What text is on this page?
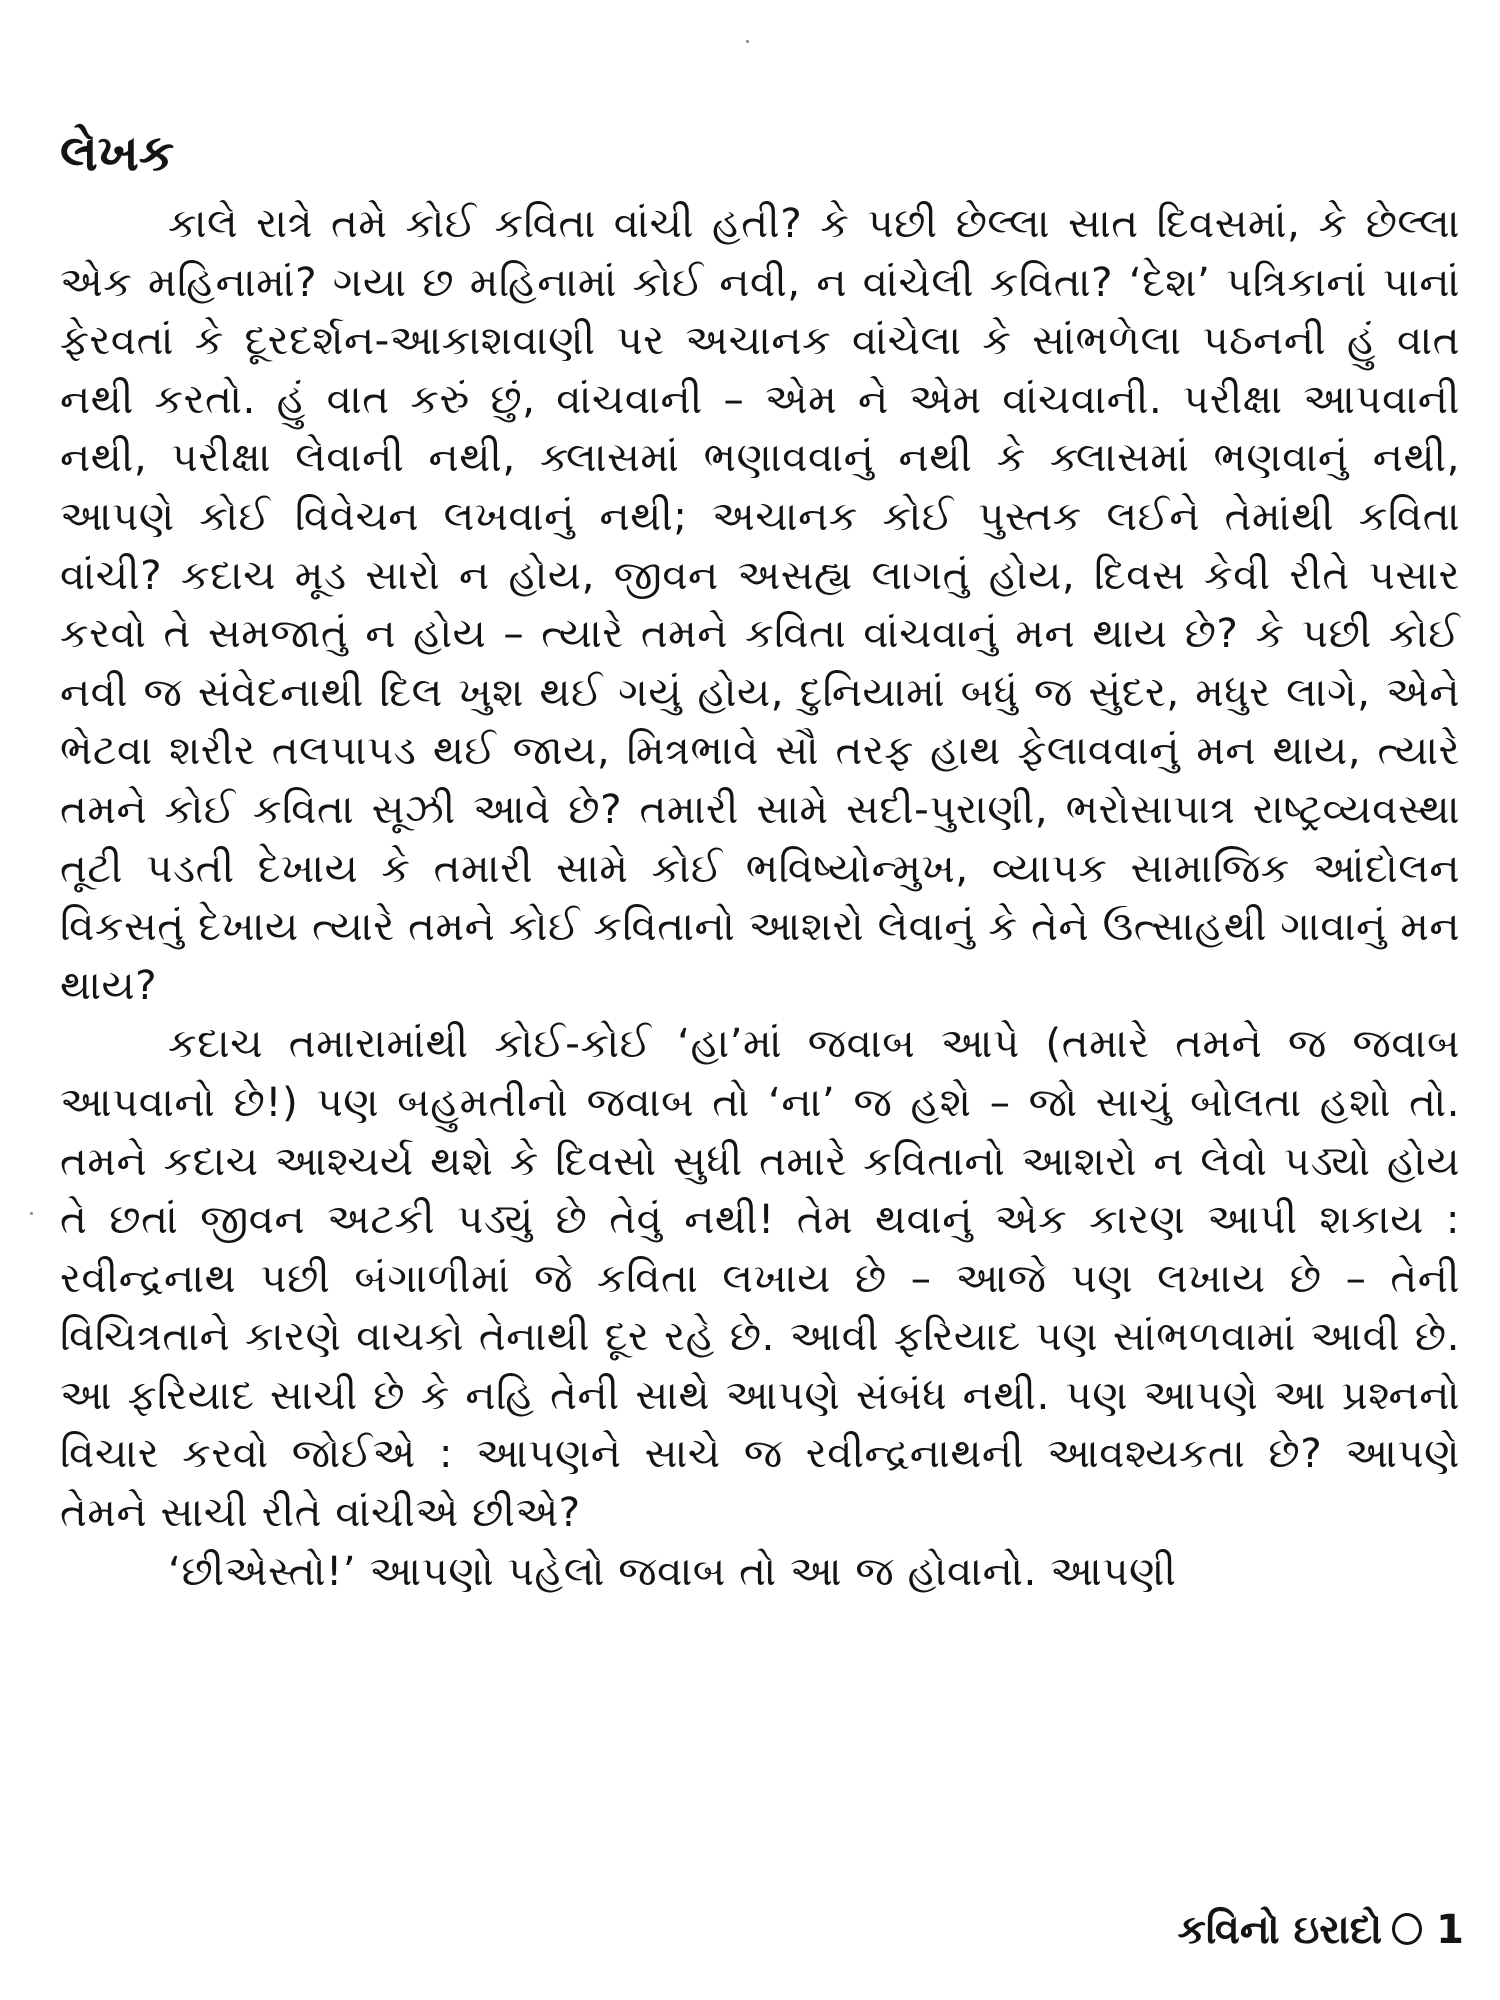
લેખક

કાલે રાત્રે તમે કોઈ કવિતા વાંચી હતી? કે પછી છેલ્લા સાત દિવસમાં, કે છેલ્લા એક મહિનામાં? ગયા છ મહિનામાં કોઈ નવી, ન વાંચેલી કવિતા? ‘દેશ’ પત્રિકાનાં પાનાં ફેરવતાં કે દૂરદર્શન-આકાશવાણી પર અચાનક વાંચેલા કે સાંભળેલા પઠનની હું વાત નથી કરતો. હું વાત કરું છું, વાંચવાની – એમ ને એમ વાંચવાની. પરીક્ષા આપવાની નથી, પરીક્ષા લેવાની નથી, ક્લાસમાં ભણાવવાનું નથી કે ક્લાસમાં ભણવાનું નથી, આપણે કોઈ વિવેચન લખવાનું નથી; અચાનક કોઈ પુસ્તક લઈને તેમાંથી કવિતા વાંચી? કદાચ મૂડ સારો ન હોય, જીવન અસહ્ય લાગતું હોય, દિવસ કેવી રીતે પસાર કરવો તે સમજાતું ન હોય – ત્યારે તમને કવિતા વાંચવાનું મન થાય છે? કે પછી કોઈ નવી જ સંવેદનાથી દિલ ખુશ થઈ ગયું હોય, દુનિયામાં બધું જ સુંદર, મધુર લાગે, એને ભેટવા શરીર તલપાપડ થઈ જાય, મિત્રભાવે સૌ તરફ હાથ ફેલાવવાનું મન થાય, ત્યારે તમને કોઈ કવિતા સૂઝી આવે છે? તમારી સામે સદી-પુરાણી, ભરોસાપાત્ર રાષ્ટ્રવ્યવસ્થા તૂટી પડતી દેખાય કે તમારી સામે કોઈ ભવિષ્યોન્મુખ, વ્યાપક સામાજિક આંદોલન વિકસતું દેખાય ત્યારે તમને કોઈ કવિતાનો આશરો લેવાનું કે તેને ઉત્સાહથી ગાવાનું મન થાય?

કદાચ તમારામાંથી કોઈ-કોઈ ‘હા’માં જવાબ આપે (તમારે તમને જ જવાબ આપવાનો છે!) પણ બહુમતીનો જવાબ તો ‘ના’ જ હશે – જો સાચું બોલતા હશો તો. તમને કદાચ આશ્ચર્ય થશે કે દિવસો સુધી તમારે કવિતાનો આશરો ન લેવો પડ્યો હોય તે છતાં જીવન અટકી પડ્યું છે તેવું નથી! તેમ થવાનું એક કારણ આપી શકાય : રવીન્દ્રનાથ પછી બંગાળીમાં જે કવિતા લખાય છે – આજે પણ લખાય છે – તેની વિચિત્રતાને કારણે વાચકો તેનાથી દૂર રહે છે. આવી ફરિયાદ પણ સાંભળવામાં આવી છે. આ ફરિયાદ સાચી છે કે નહિ તેની સાથે આપણે સંબંધ નથી. પણ આપણે આ પ્રશ્નનો વિચાર કરવો જોઈએ : આપણને સાચે જ રવીન્દ્રનાથની આવશ્યકતા છે? આપણે તેમને સાચી રીતે વાંચીએ છીએ?

‘છીએસ્તો!’ આપણો પહેલો જવાબ તો આ જ હોવાનો. આપણી

કવિનો ઇરાદો 1
